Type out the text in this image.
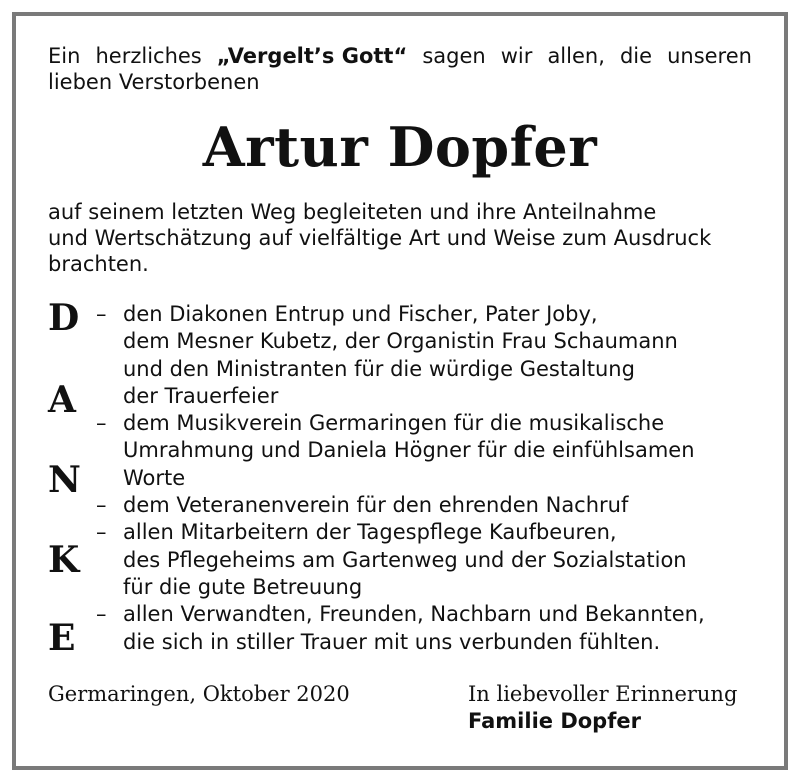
Ein herzliches „Vergelt’s Gott“ sagen wir allen, die unseren
lieben Verstorbenen
Artur Dopfer
auf seinem letzten Weg begleiteten und ihre Anteilnahme
und Wertschätzung auf vielfältige Art und Weise zum Ausdruck
brachten.
D
A
N
K
E
– den Diakonen Entrup und Fischer, Pater Joby,
dem Mesner Kubetz, der Organistin Frau Schaumann
und den Ministranten für die würdige Gestaltung
der Trauerfeier
– dem Musikverein Germaringen für die musikalische
Umrahmung und Daniela Högner für die einfühlsamen
Worte
– dem Veteranenverein für den ehrenden Nachruf
– allen Mitarbeitern der Tagespflege Kaufbeuren,
des Pflegeheims am Gartenweg und der Sozialstation
für die gute Betreuung
– allen Verwandten, Freunden, Nachbarn und Bekannten,
die sich in stiller Trauer mit uns verbunden fühlten.
Germaringen, Oktober 2020	In liebevoller Erinnerung
Familie Dopfer
